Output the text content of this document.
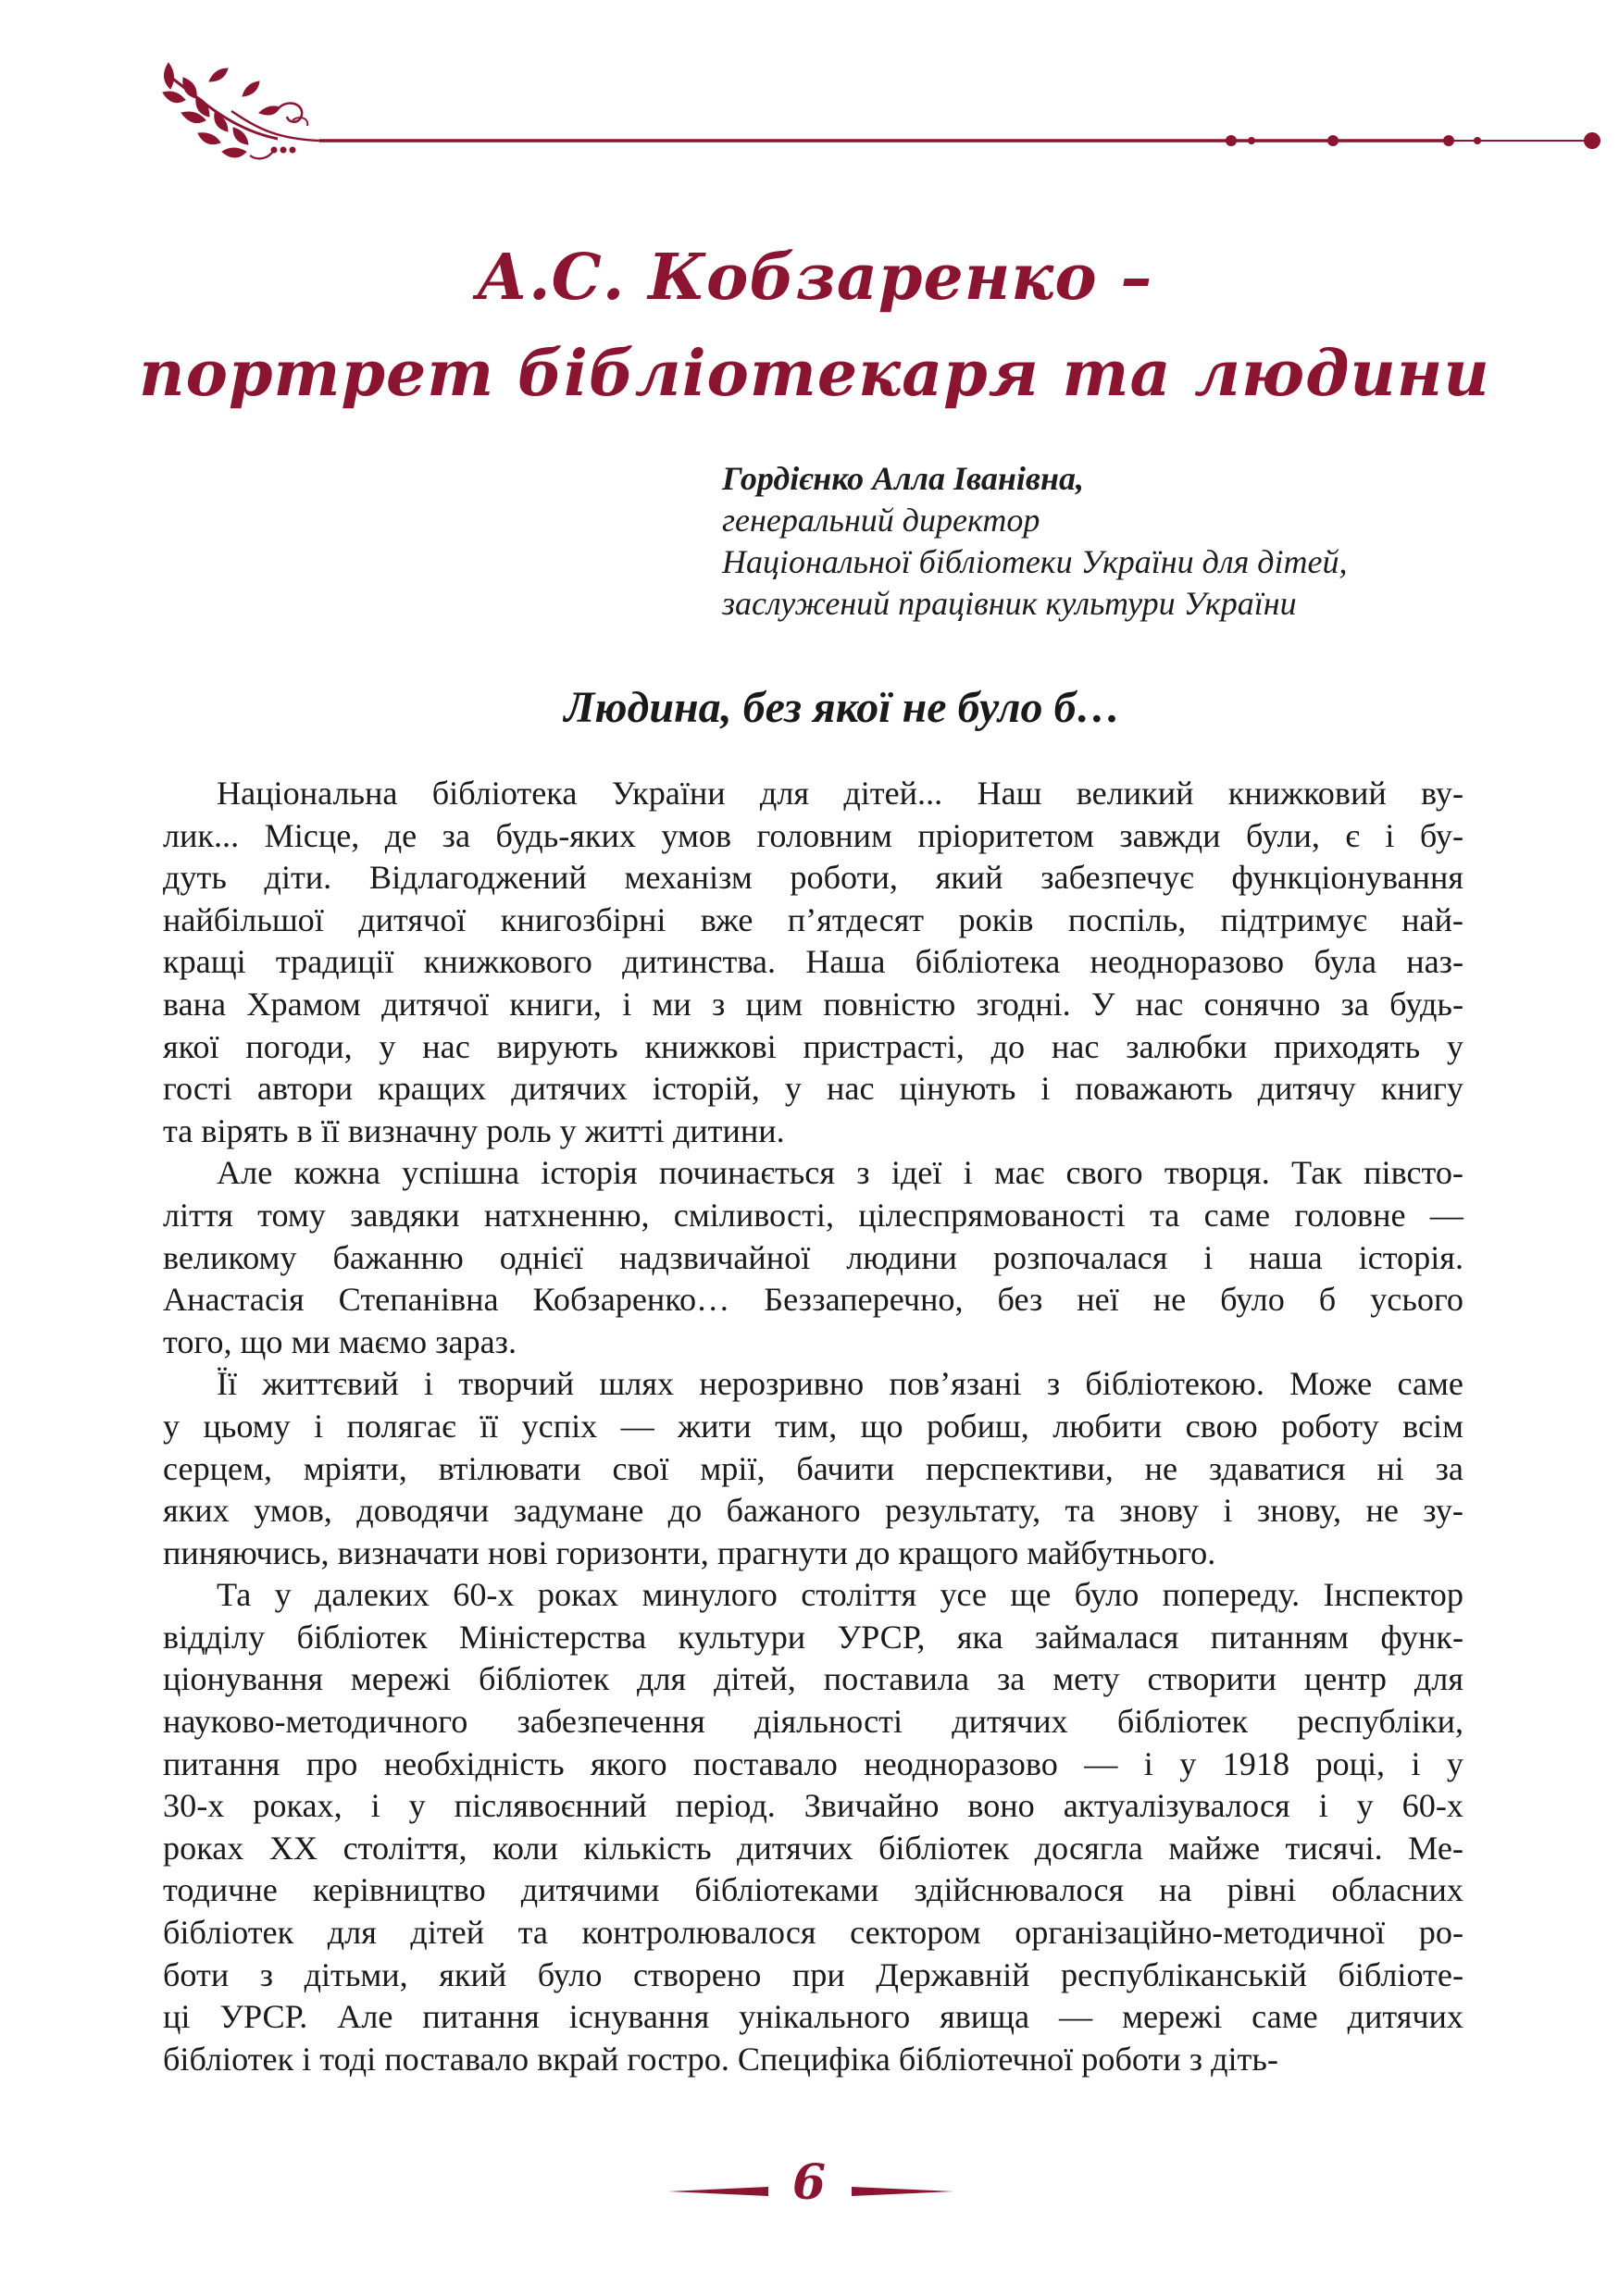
А.С. Кобзаренко –
портрет бібліотекаря та людини
Гордієнко Алла Іванівна,
генеральний директор
Національної бібліотеки України для дітей,
заслужений працівник культури України
Людина, без якої не було б…
Національна бібліотека України для дітей... Наш великий книжковий ву-
лик... Місце, де за будь-яких умов головним пріоритетом завжди були, є і бу-
дуть діти. Відлагоджений механізм роботи, який забезпечує функціонування
найбільшої дитячої книгозбірні вже п’ятдесят років поспіль, підтримує най-
кращі традиції книжкового дитинства. Наша бібліотека неодноразово була наз-
вана Храмом дитячої книги, і ми з цим повністю згодні. У нас сонячно за будь-
якої погоди, у нас вирують книжкові пристрасті, до нас залюбки приходять у
гості автори кращих дитячих історій, у нас цінують і поважають дитячу книгу
та вірять в її визначну роль у житті дитини.
Але кожна успішна історія починається з ідеї і має свого творця. Так півсто-
ліття тому завдяки натхненню, сміливості, цілеспрямованості та саме головне —
великому бажанню однієї надзвичайної людини розпочалася і наша історія.
Анастасія Степанівна Кобзаренко… Беззаперечно, без неї не було б усього
того, що ми маємо зараз.
Її життєвий і творчий шлях нерозривно пов’язані з бібліотекою. Може саме
у цьому і полягає її успіх — жити тим, що робиш, любити свою роботу всім
серцем, мріяти, втілювати свої мрії, бачити перспективи, не здаватися ні за
яких умов, доводячи задумане до бажаного результату, та знову і знову, не зу-
пиняючись, визначати нові горизонти, прагнути до кращого майбутнього.
Та у далеких 60-х роках минулого століття усе ще було попереду. Інспектор
відділу бібліотек Міністерства культури УРСР, яка займалася питанням функ-
ціонування мережі бібліотек для дітей, поставила за мету створити центр для
науково-методичного забезпечення діяльності дитячих бібліотек республіки,
питання про необхідність якого поставало неодноразово — і у 1918 році, і у
30-х роках, і у післявоєнний період. Звичайно воно актуалізувалося і у 60-х
роках XX століття, коли кількість дитячих бібліотек досягла майже тисячі. Ме-
тодичне керівництво дитячими бібліотеками здійснювалося на рівні обласних
бібліотек для дітей та контролювалося сектором організаційно-методичної ро-
боти з дітьми, який було створено при Державній республіканській бібліоте-
ці УРСР. Але питання існування унікального явища — мережі саме дитячих
бібліотек і тоді поставало вкрай гостро. Специфіка бібліотечної роботи з діть-
6
